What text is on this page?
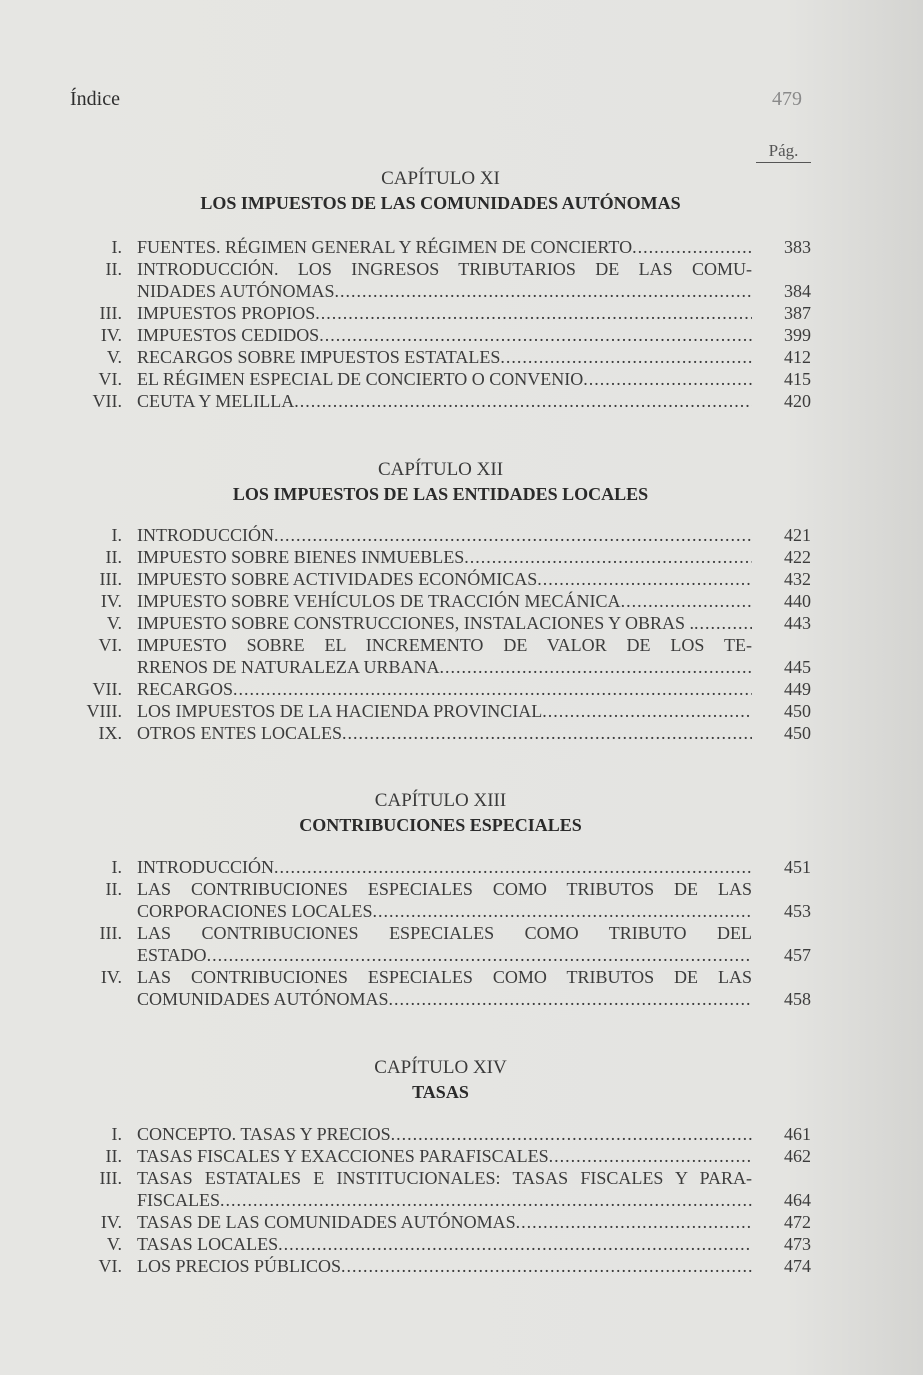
Índice	479
Pág.
CAPÍTULO XI
LOS IMPUESTOS DE LAS COMUNIDADES AUTÓNOMAS
I. FUENTES. RÉGIMEN GENERAL Y RÉGIMEN DE CONCIERTO .....	383
II. INTRODUCCIÓN. LOS INGRESOS TRIBUTARIOS DE LAS COMU-
NIDADES AUTÓNOMAS .....	384
III. IMPUESTOS PROPIOS .....	387
IV. IMPUESTOS CEDIDOS .....	399
V. RECARGOS SOBRE IMPUESTOS ESTATALES .....	412
VI. EL RÉGIMEN ESPECIAL DE CONCIERTO O CONVENIO .....	415
VII. CEUTA Y MELILLA .....	420
CAPÍTULO XII
LOS IMPUESTOS DE LAS ENTIDADES LOCALES
I. INTRODUCCIÓN .....	421
II. IMPUESTO SOBRE BIENES INMUEBLES .....	422
III. IMPUESTO SOBRE ACTIVIDADES ECONÓMICAS .....	432
IV. IMPUESTO SOBRE VEHÍCULOS DE TRACCIÓN MECÁNICA .....	440
V. IMPUESTO SOBRE CONSTRUCCIONES, INSTALACIONES Y OBRAS . .....	443
VI. IMPUESTO SOBRE EL INCREMENTO DE VALOR DE LOS TE-
RRENOS DE NATURALEZA URBANA .....	445
VII. RECARGOS .....	449
VIII. LOS IMPUESTOS DE LA HACIENDA PROVINCIAL .....	450
IX. OTROS ENTES LOCALES .....	450
CAPÍTULO XIII
CONTRIBUCIONES ESPECIALES
I. INTRODUCCIÓN .....	451
II. LAS CONTRIBUCIONES ESPECIALES COMO TRIBUTOS DE LAS
CORPORACIONES LOCALES .....	453
III. LAS CONTRIBUCIONES ESPECIALES COMO TRIBUTO DEL
ESTADO .....	457
IV. LAS CONTRIBUCIONES ESPECIALES COMO TRIBUTOS DE LAS
COMUNIDADES AUTÓNOMAS .....	458
CAPÍTULO XIV
TASAS
I. CONCEPTO. TASAS Y PRECIOS .....	461
II. TASAS FISCALES Y EXACCIONES PARAFISCALES .....	462
III. TASAS ESTATALES E INSTITUCIONALES: TASAS FISCALES Y PARA-
FISCALES .....	464
IV. TASAS DE LAS COMUNIDADES AUTÓNOMAS .....	472
V. TASAS LOCALES .....	473
VI. LOS PRECIOS PÚBLICOS .....	474
